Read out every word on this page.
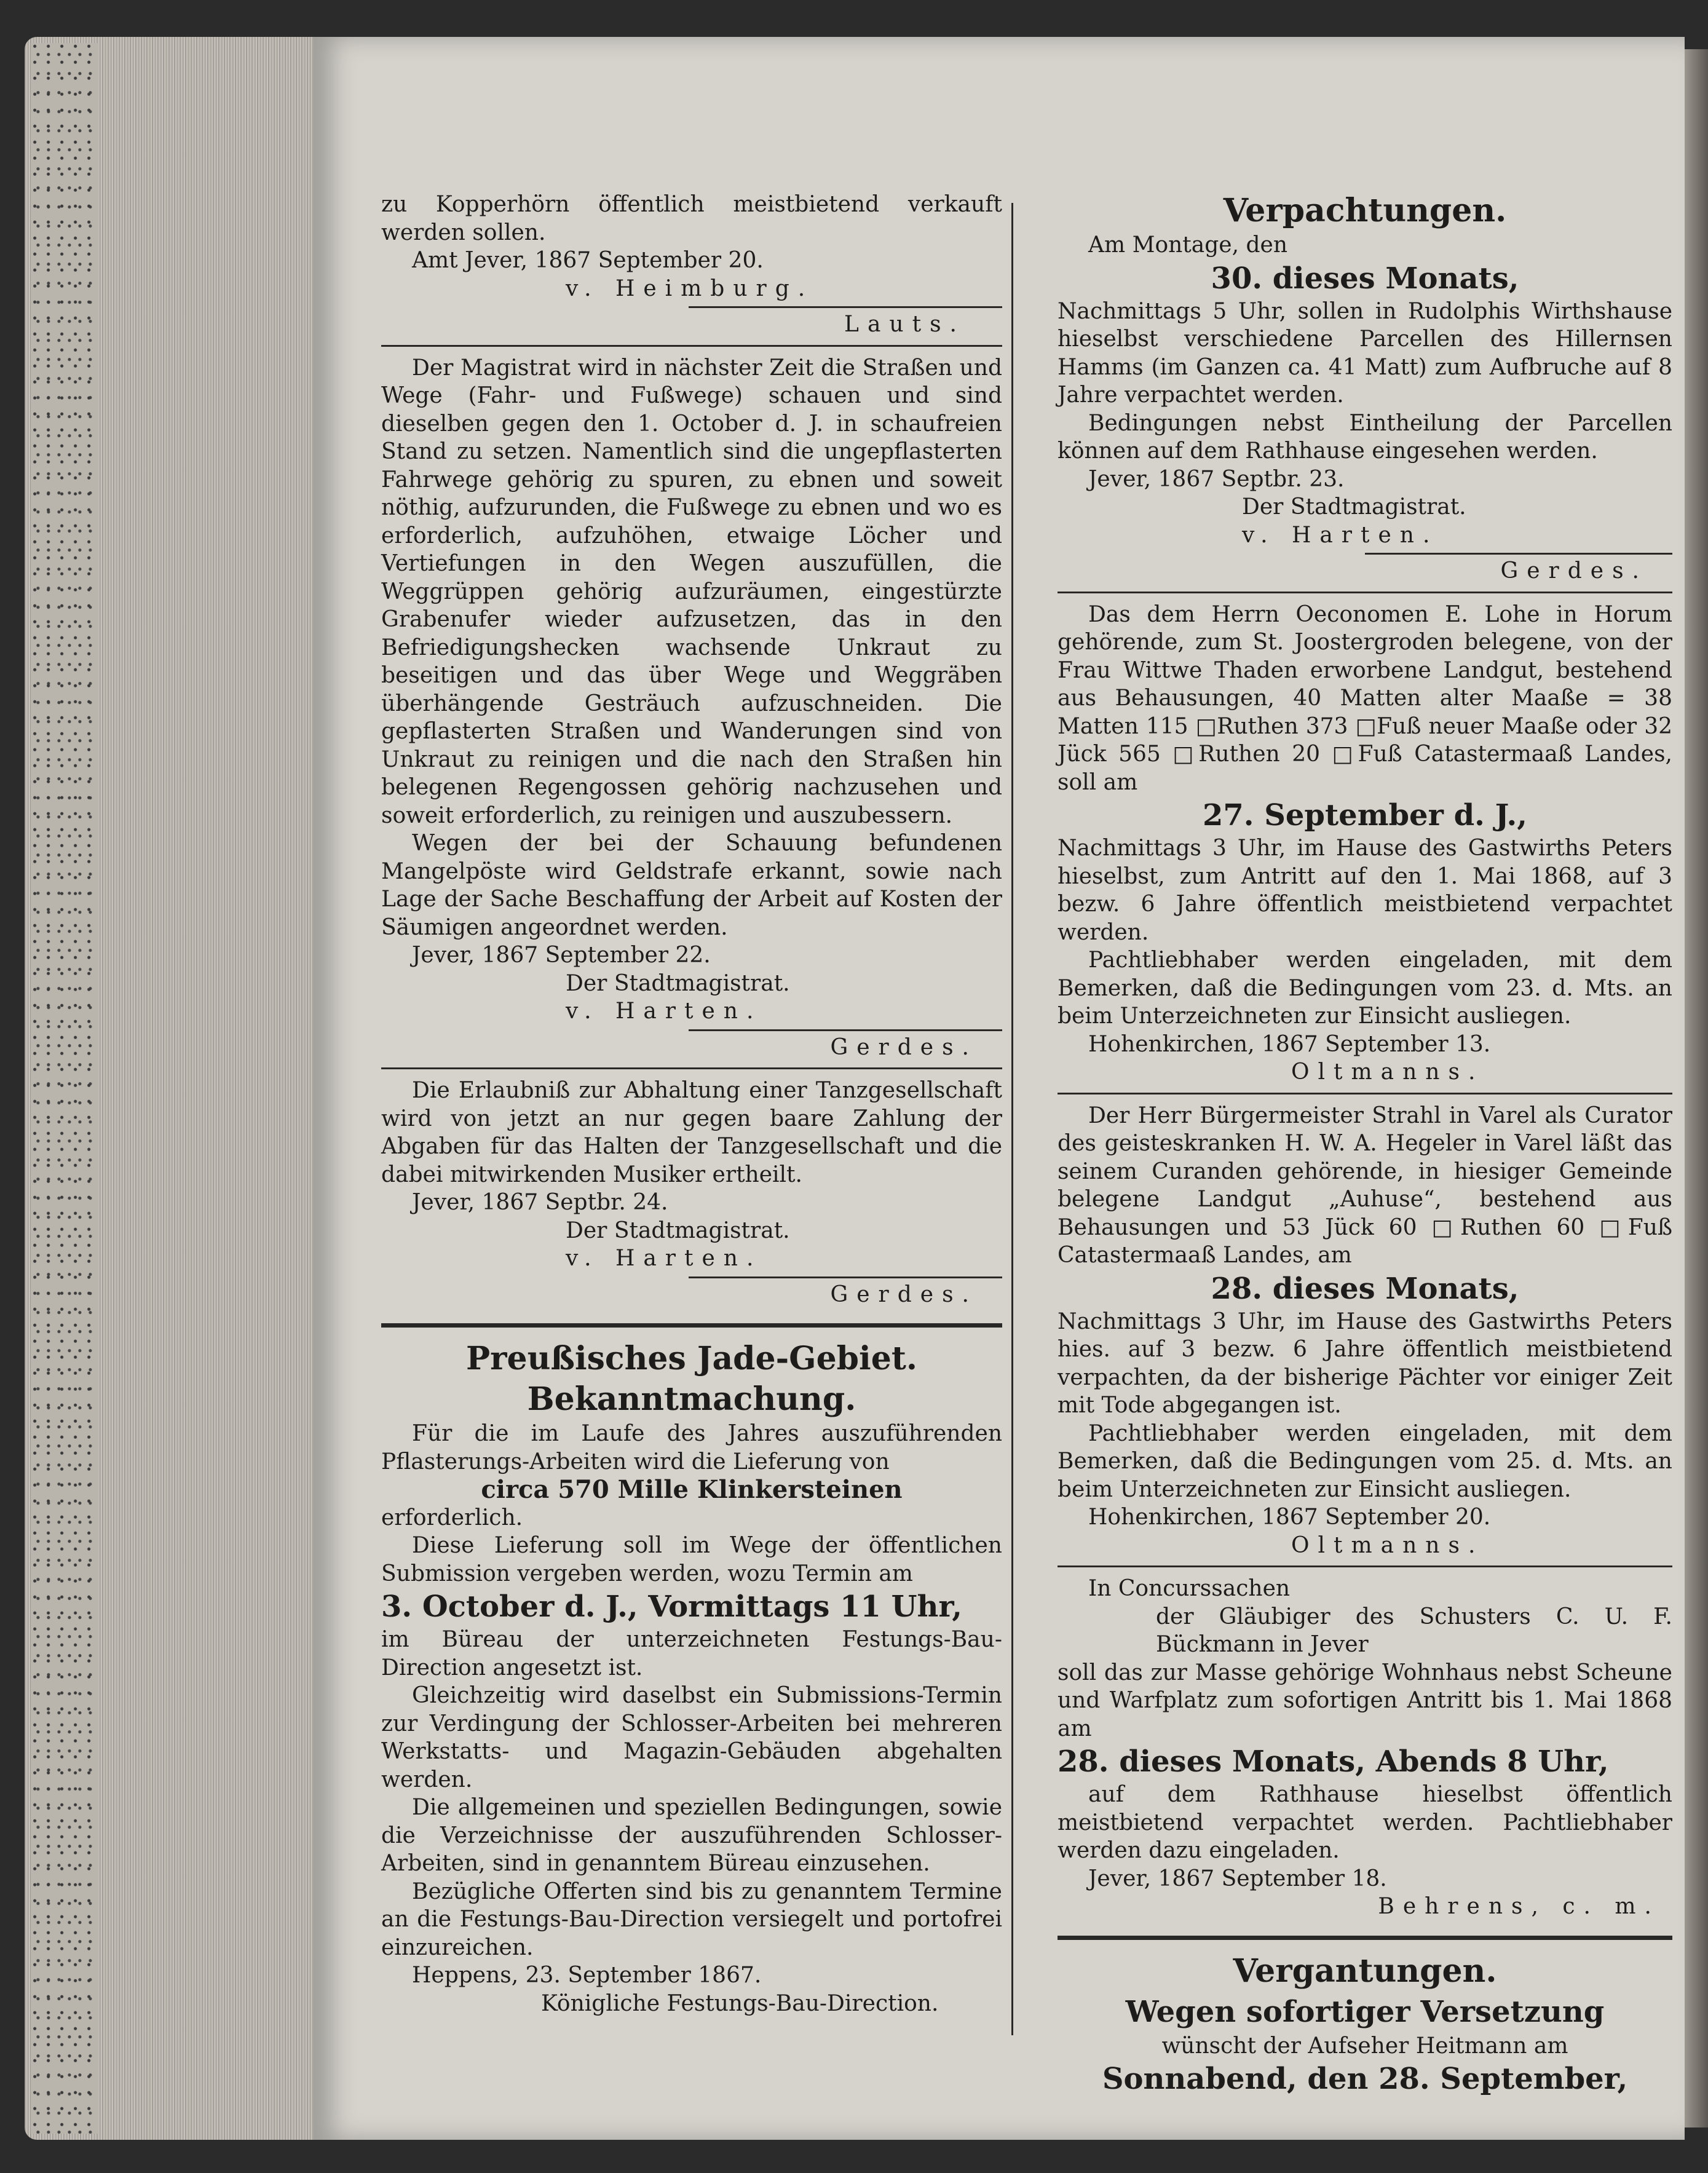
zu Kopperhörn öffentlich meistbietend verkauft werden sollen.

Amt Jever, 1867 September 20.

v. Heimburg.

Lauts.

Der Magistrat wird in nächster Zeit die Straßen und Wege (Fahr- und Fußwege) schauen und sind dieselben gegen den 1. October d. J. in schaufreien Stand zu setzen. Namentlich sind die ungepflasterten Fahrwege gehörig zu spuren, zu ebnen und soweit nöthig, aufzurunden, die Fußwege zu ebnen und wo es erforderlich, aufzuhöhen, etwaige Löcher und Vertiefungen in den Wegen auszufüllen, die Weggrüppen gehörig aufzuräumen, eingestürzte Grabenufer wieder aufzusetzen, das in den Befriedigungshecken wachsende Unkraut zu beseitigen und das über Wege und Weggräben überhängende Gesträuch aufzuschneiden. Die gepflasterten Straßen und Wanderungen sind von Unkraut zu reinigen und die nach den Straßen hin belegenen Regengossen gehörig nachzusehen und soweit erforderlich, zu reinigen und auszubessern.

Wegen der bei der Schauung befundenen Mangelpöste wird Geldstrafe erkannt, sowie nach Lage der Sache Beschaffung der Arbeit auf Kosten der Säumigen angeordnet werden.

Jever, 1867 September 22.

Der Stadtmagistrat.

v. Harten.

Gerdes.

Die Erlaubniß zur Abhaltung einer Tanzgesellschaft wird von jetzt an nur gegen baare Zahlung der Abgaben für das Halten der Tanzgesellschaft und die dabei mitwirkenden Musiker ertheilt.

Jever, 1867 Septbr. 24.

Der Stadtmagistrat.

v. Harten.

Gerdes.

Preußisches Jade-Gebiet.

Bekanntmachung.

Für die im Laufe des Jahres auszuführenden Pflasterungs-Arbeiten wird die Lieferung von

circa 570 Mille Klinkersteinen

erforderlich.

Diese Lieferung soll im Wege der öffentlichen Submission vergeben werden, wozu Termin am

3. October d. J., Vormittags 11 Uhr,

im Büreau der unterzeichneten Festungs-Bau-Direction angesetzt ist.

Gleichzeitig wird daselbst ein Submissions-Termin zur Verdingung der Schlosser-Arbeiten bei mehreren Werkstatts- und Magazin-Gebäuden abgehalten werden.

Die allgemeinen und speziellen Bedingungen, sowie die Verzeichnisse der auszuführenden Schlosser-Arbeiten, sind in genanntem Büreau einzusehen.

Bezügliche Offerten sind bis zu genanntem Termine an die Festungs-Bau-Direction versiegelt und portofrei einzureichen.

Heppens, 23. September 1867.

Königliche Festungs-Bau-Direction.

Verpachtungen.

Am Montage, den

30. dieses Monats,

Nachmittags 5 Uhr, sollen in Rudolphis Wirthshause hieselbst verschiedene Parcellen des Hillernsen Hamms (im Ganzen ca. 41 Matt) zum Aufbruche auf 8 Jahre verpachtet werden.

Bedingungen nebst Eintheilung der Parcellen können auf dem Rathhause eingesehen werden.

Jever, 1867 Septbr. 23.

Der Stadtmagistrat.

v. Harten.

Gerdes.

Das dem Herrn Oeconomen E. Lohe in Horum gehörende, zum St. Joostergroden belegene, von der Frau Wittwe Thaden erworbene Landgut, bestehend aus Behausungen, 40 Matten alter Maaße = 38 Matten 115 □Ruthen 373 □Fuß neuer Maaße oder 32 Jück 565 □Ruthen 20 □Fuß Catastermaaß Landes, soll am

27. September d. J.,

Nachmittags 3 Uhr, im Hause des Gastwirths Peters hieselbst, zum Antritt auf den 1. Mai 1868, auf 3 bezw. 6 Jahre öffentlich meistbietend verpachtet werden.

Pachtliebhaber werden eingeladen, mit dem Bemerken, daß die Bedingungen vom 23. d. Mts. an beim Unterzeichneten zur Einsicht ausliegen.

Hohenkirchen, 1867 September 13.

Oltmanns.

Der Herr Bürgermeister Strahl in Varel als Curator des geisteskranken H. W. A. Hegeler in Varel läßt das seinem Curanden gehörende, in hiesiger Gemeinde belegene Landgut „Auhuse“, bestehend aus Behausungen und 53 Jück 60 □Ruthen 60 □Fuß Catastermaaß Landes, am

28. dieses Monats,

Nachmittags 3 Uhr, im Hause des Gastwirths Peters hies. auf 3 bezw. 6 Jahre öffentlich meistbietend verpachten, da der bisherige Pächter vor einiger Zeit mit Tode abgegangen ist.

Pachtliebhaber werden eingeladen, mit dem Bemerken, daß die Bedingungen vom 25. d. Mts. an beim Unterzeichneten zur Einsicht ausliegen.

Hohenkirchen, 1867 September 20.

Oltmanns.

In Concurssachen

der Gläubiger des Schusters C. U. F. Bückmann in Jever

soll das zur Masse gehörige Wohnhaus nebst Scheune und Warfplatz zum sofortigen Antritt bis 1. Mai 1868 am

28. dieses Monats, Abends 8 Uhr,

auf dem Rathhause hieselbst öffentlich meistbietend verpachtet werden. Pachtliebhaber werden dazu eingeladen.

Jever, 1867 September 18.

Behrens, c. m.

Vergantungen.

Wegen sofortiger Versetzung

wünscht der Aufseher Heitmann am

Sonnabend, den 28. September,
